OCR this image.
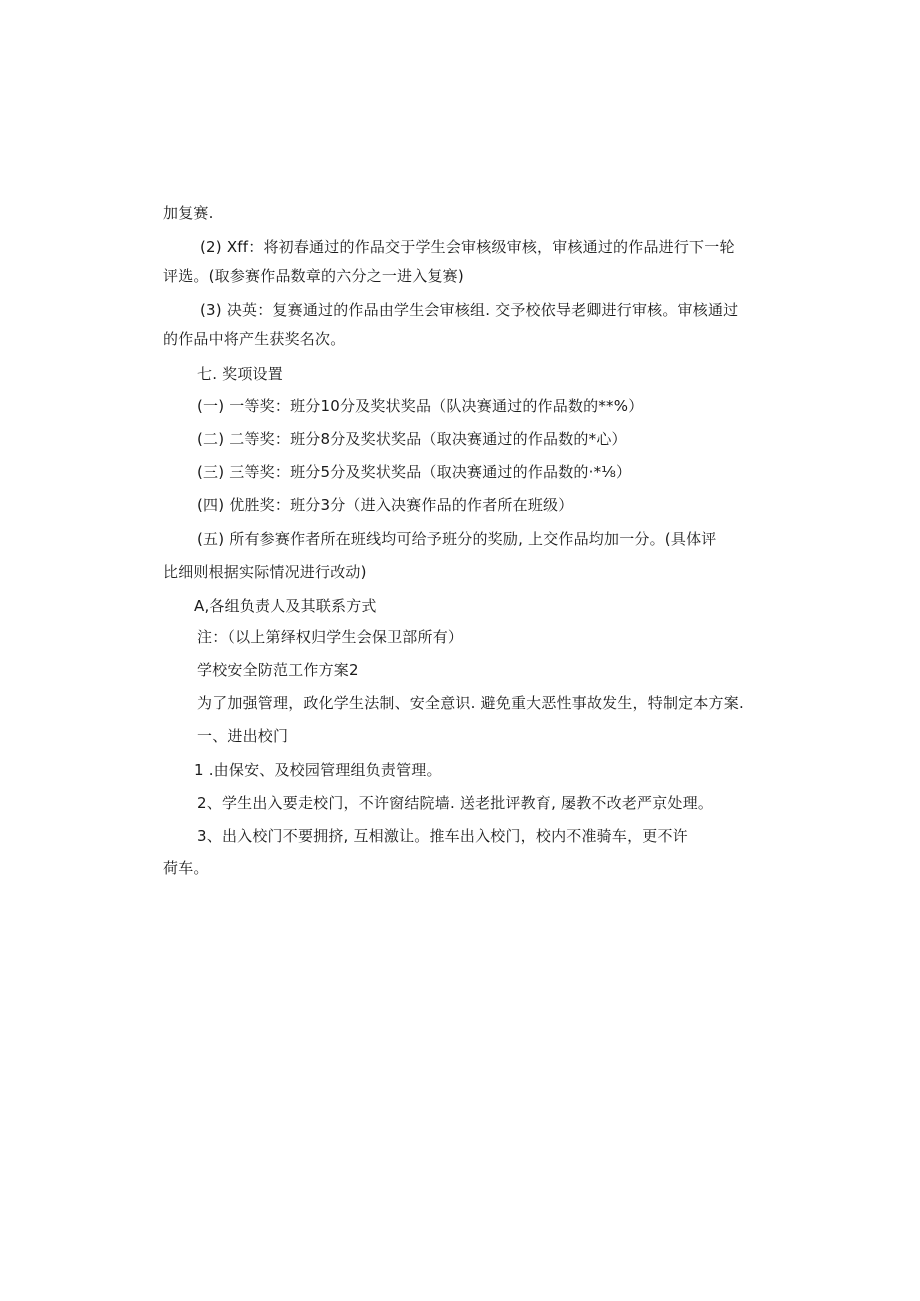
加复赛.
(2) Xff：将初春通过的作品交于学生会审核级审核，审核通过的作品进行下一轮
评选。(取参赛作品数章的六分之一进入复赛)
(3) 决英：复赛通过的作品由学生会审核组. 交予校依导老卿进行审核。审核通过
的作品中将产生获奖名次。
七. 奖项设置
(一) 一等奖：班分10分及奖状奖品（队决赛通过的作品数的**%）
(二) 二等奖：班分8分及奖状奖品（取决赛通过的作品数的*心）
(三) 三等奖：班分5分及奖状奖品（取决赛通过的作品数的·*⅛）
(四) 优胜奖：班分3分（进入决赛作品的作者所在班级）
(五) 所有参赛作者所在班线均可给予班分的奖励, 上交作品均加一分。(具体评
比细则根据实际情况进行改动)
A,各组负责人及其联系方式
注：（以上第绎权归学生会保卫部所有）
学校安全防范工作方案2
为了加强管理，政化学生法制、安全意识. 避免重大恶性事故发生，特制定本方案.
一、进出校门
1 .由保安、及校园管理组负责管理。
2、学生出入要走校门，不许窗结院墙. 送老批评教育, 屡教不改老严京处理。
3、出入校门不要拥挤, 互相激让。推车出入校门，校内不准骑车，更不许
荷车。
